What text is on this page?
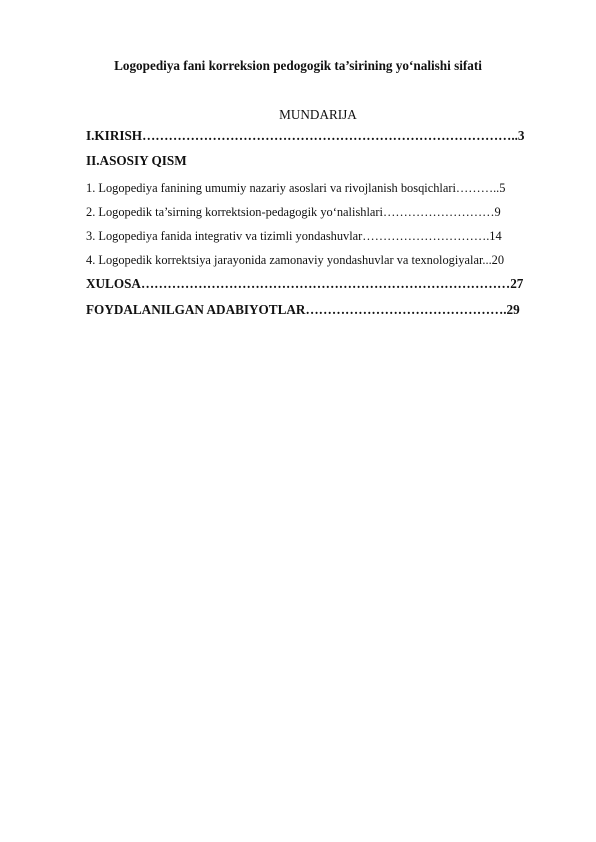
Logopediya fani korreksion pedogogik ta’sirining yo‘nalishi sifati
MUNDARIJA
I.KIRISH…………………………………………………………………………..3
II.ASOSIY QISM
1. Logopediya fanining umumiy nazariy asoslari va rivojlanish bosqichlari………..5
2. Logopedik ta’sirning korrektsion-pedagogik yo‘nalishlari………………………9
3. Logopediya fanida integrativ va tizimli yondashuvlar………………………….14
4. Logopedik korrektsiya jarayonida zamonaviy yondashuvlar va texnologiyalar...20
XULOSA…………………………………………………………………………27
FOYDALANILGAN ADABIYOTLAR……………………………………….29
